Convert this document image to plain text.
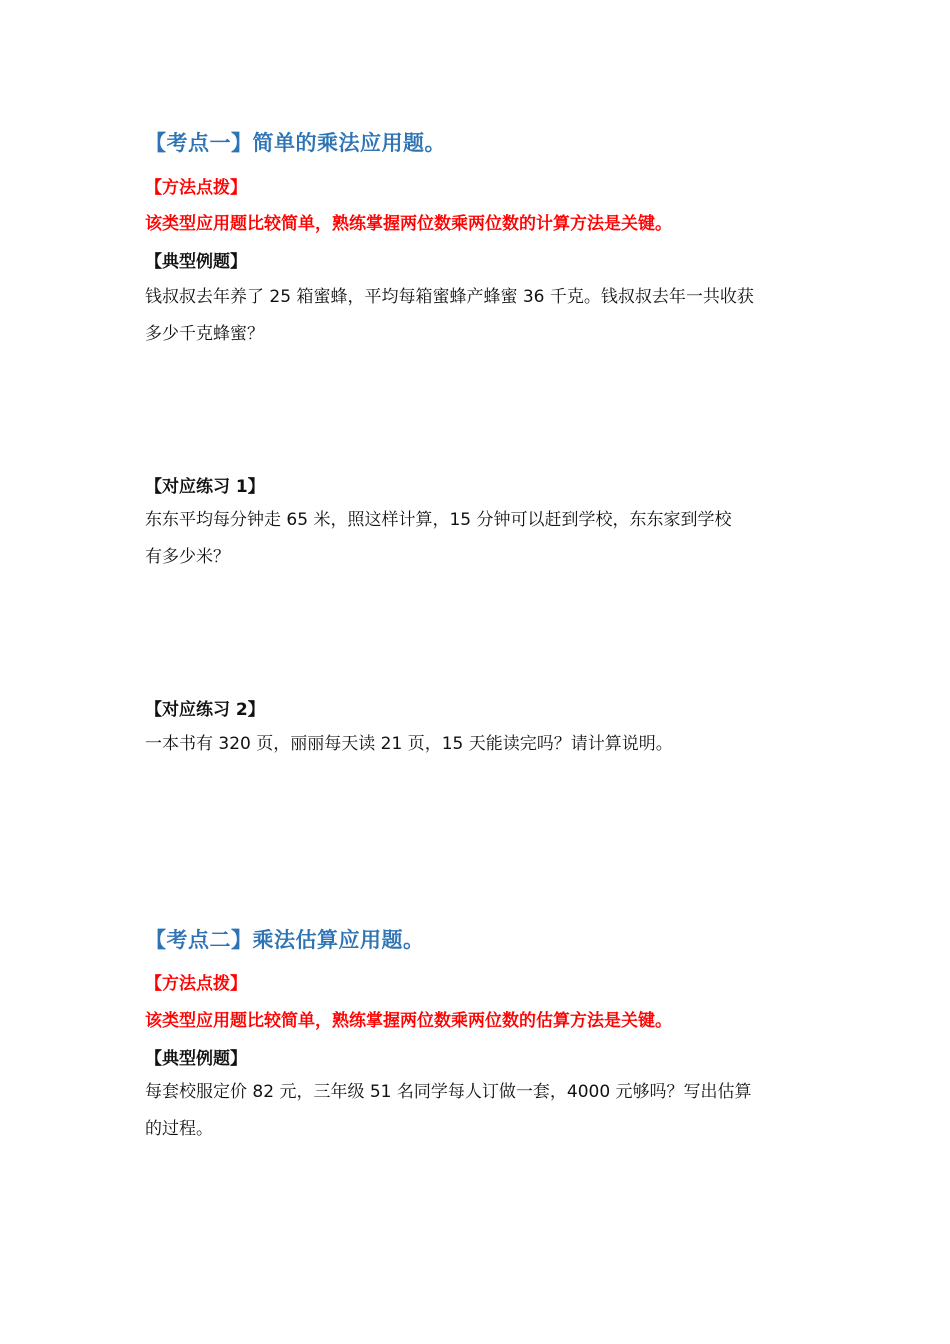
【考点一】简单的乘法应用题。
【方法点拨】
该类型应用题比较简单，熟练掌握两位数乘两位数的计算方法是关键。
【典型例题】
钱叔叔去年养了 25 箱蜜蜂，平均每箱蜜蜂产蜂蜜 36 千克。钱叔叔去年一共收获
多少千克蜂蜜？
【对应练习 1】
东东平均每分钟走 65 米，照这样计算，15 分钟可以赶到学校，东东家到学校
有多少米？
【对应练习 2】
一本书有 320 页，丽丽每天读 21 页，15 天能读完吗？请计算说明。
【考点二】乘法估算应用题。
【方法点拨】
该类型应用题比较简单，熟练掌握两位数乘两位数的估算方法是关键。
【典型例题】
每套校服定价 82 元，三年级 51 名同学每人订做一套，4000 元够吗？写出估算
的过程。
